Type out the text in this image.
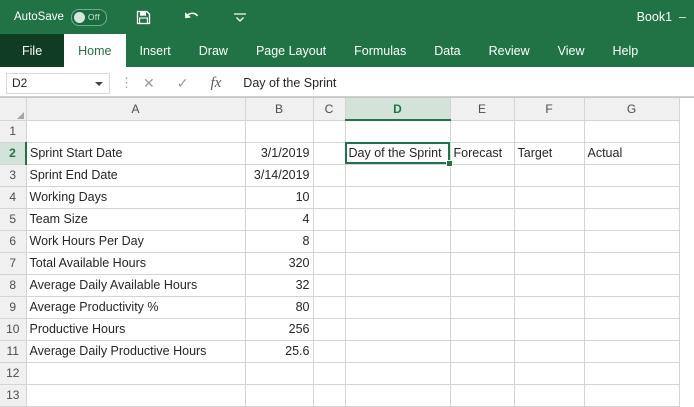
AutoSave	Off	Book1 –
File	Home	Insert	Draw	Page Layout	Formulas	Data	Review	View	Help
D2	⋮ ✕ ✓ fx
Day of the Sprint
	A	B	C	D	E	F	G
1							
2	Sprint Start Date	3/1/2019		Day of the Sprint	Forecast	Target	Actual
3	Sprint End Date	3/14/2019					
4	Working Days	10					
5	Team Size	4					
6	Work Hours Per Day	8					
7	Total Available Hours	320					
8	Average Daily Available Hours	32					
9	Average Productivity %	80					
10	Productive Hours	256					
11	Average Daily Productive Hours	25.6					
12							
13							
